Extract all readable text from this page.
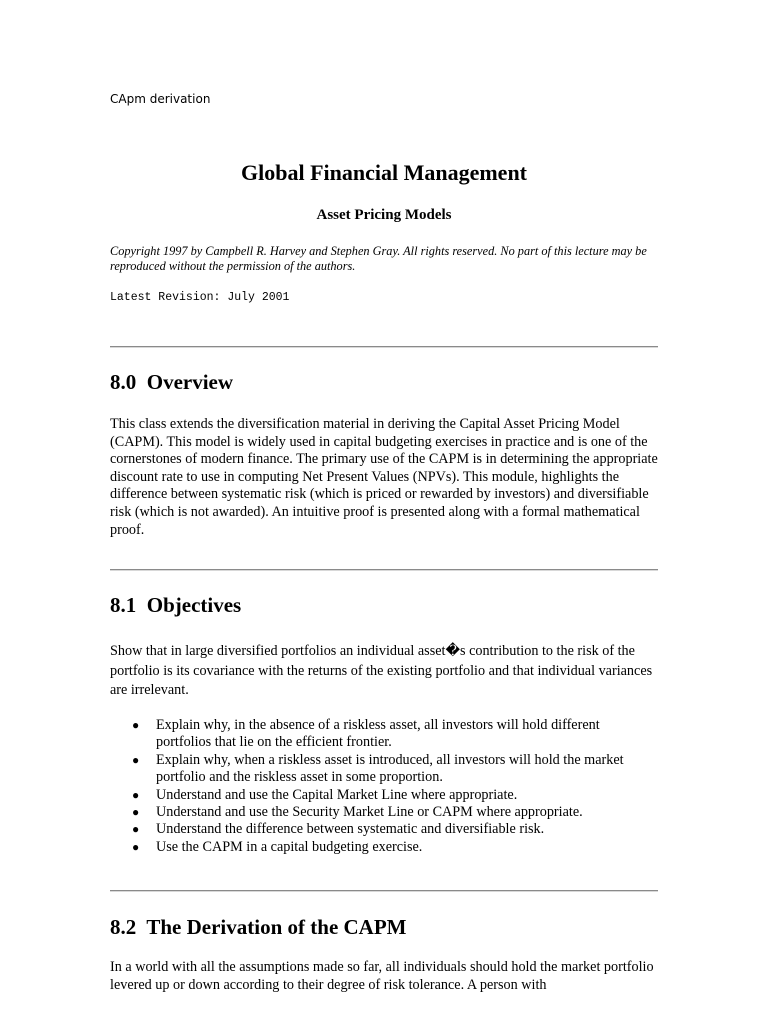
CApm derivation
Global Financial Management
Asset Pricing Models

Copyright 1997 by Campbell R. Harvey and Stephen Gray. All rights reserved. No part of this lecture may be reproduced without the permission of the authors.

Latest Revision: July 2001

8.0  Overview

This class extends the diversification material in deriving the Capital Asset Pricing Model (CAPM). This model is widely used in capital budgeting exercises in practice and is one of the cornerstones of modern finance. The primary use of the CAPM is in determining the appropriate discount rate to use in computing Net Present Values (NPVs). This module, highlights the difference between systematic risk (which is priced or rewarded by investors) and diversifiable risk (which is not awarded). An intuitive proof is presented along with a formal mathematical proof.

8.1  Objectives

Show that in large diversified portfolios an individual asset�s contribution to the risk of the portfolio is its covariance with the returns of the existing portfolio and that individual variances are irrelevant.

● Explain why, in the absence of a riskless asset, all investors will hold different portfolios that lie on the efficient frontier.
● Explain why, when a riskless asset is introduced, all investors will hold the market portfolio and the riskless asset in some proportion.
● Understand and use the Capital Market Line where appropriate.
● Understand and use the Security Market Line or CAPM where appropriate.
● Understand the difference between systematic and diversifiable risk.
● Use the CAPM in a capital budgeting exercise.
8.2  The Derivation of the CAPM

In a world with all the assumptions made so far, all individuals should hold the market portfolio levered up or down according to their degree of risk tolerance. A person with
